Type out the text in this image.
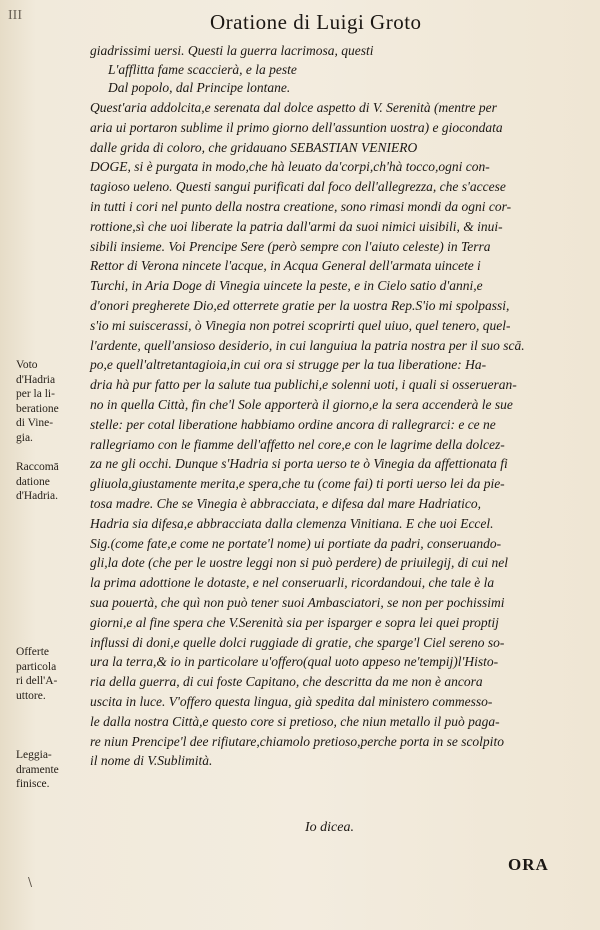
III	Oratione di Luigi Groto
giadrissimi uersi. Questi la guerra lacrimosa, questi
L'afflitta fame scaccierà, e la peste
Dal popolo, dal Principe lontane.
Quest'aria addolcita,e serenata dal dolce aspetto di V. Serenità (mentre per
aria ui portaron sublime il primo giorno dell'assuntion uostra) e giocondata
dalle grida di coloro, che gridauano SEBASTIAN VENIERO
DOGE, si è purgata in modo,che hà leuato da'corpi,ch'hà tocco,ogni con-
tagioso ueleno. Questi sangui purificati dal foco dell'allegrezza, che s'accese
in tutti i cori nel punto della nostra creatione, sono rimasi mondi da ogni cor-
rottione,sì che uoi liberate la patria dall'armi da suoi nimici uisibili, & inui-
sibili insieme. Voi Prencipe Sere (però sempre con l'aiuto celeste) in Terra
Rettor di Verona nincete l'acque, in Acqua General dell'armata uincete i
Turchi, in Aria Doge di Vinegia uincete la peste, e in Cielo satio d'anni,e
d'onori pregherete Dio,ed otterrete gratie per la uostra Rep.S'io mi spolpassi,
s'io mi suiscerassi, ò Vinegia non potrei scoprirti quel uiuo, quel tenero, quel-
l'ardente, quell'ansioso desiderio, in cui languiua la patria nostra per il suo scā.
po,e quell'altretantagioia,in cui ora si strugge per la tua liberatione: Ha-
dria hà pur fatto per la salute tua publichi,e solenni uoti, i quali si osserueran-
no in quella Città, fin che'l Sole apporterà il giorno,e la sera accenderà le sue
stelle: per cotal liberatione habbiamo ordine ancora di rallegrarci: e ce ne
rallegriamo con le fiamme dell'affetto nel core,e con le lagrime della dolcez-
za ne gli occhi. Dunque s'Hadria si porta uerso te ò Vinegia da affettionata fi
gliuola,giustamente merita,e spera,che tu (come fai) ti porti uerso lei da pie-
tosa madre. Che se Vinegia è abbracciata, e difesa dal mare Hadriatico,
Hadria sia difesa,e abbracciata dalla clemenza Vinitiana. E che uoi Eccel.
Sig.(come fate,e come ne portate'l nome) ui portiate da padri, conseruando-
gli,la dote (che per le uostre leggi non si può perdere) de priuilegij, di cui nel
la prima adottione le dotaste, e nel conseruarli, ricordandoui, che tale è la
sua pouertà, che quì non può tener suoi Ambasciatori, se non per pochissimi
giorni,e al fine spera che V.Serenità sia per isparger e sopra lei quei proptij
influssi di doni,e quelle dolci ruggiade di gratie, che sparge'l Ciel sereno so-
ura la terra,& io in particolare u'offero(qual uoto appeso ne'tempij)l'Histo-
ria della guerra, di cui foste Capitano, che descritta da me non è ancora
uscita in luce. V'offero questa lingua, già spedita dal ministero commesso-
le dalla nostra Città,e questo core si pretioso, che niun metallo il può paga-
re niun Prencipe'l dee rifiutare,chiamolo pretioso,perche porta in se scolpito
il nome di V.Sublimità.
Voto
d'Hadria
per la li-
beratione
di Vine-
gia.
Raccomā
datione
d'Hadria.
Offerte
particola
ri dell'A-
uttore.
Leggia-
dramente
finisce.
Io dicea.
ORA
\
